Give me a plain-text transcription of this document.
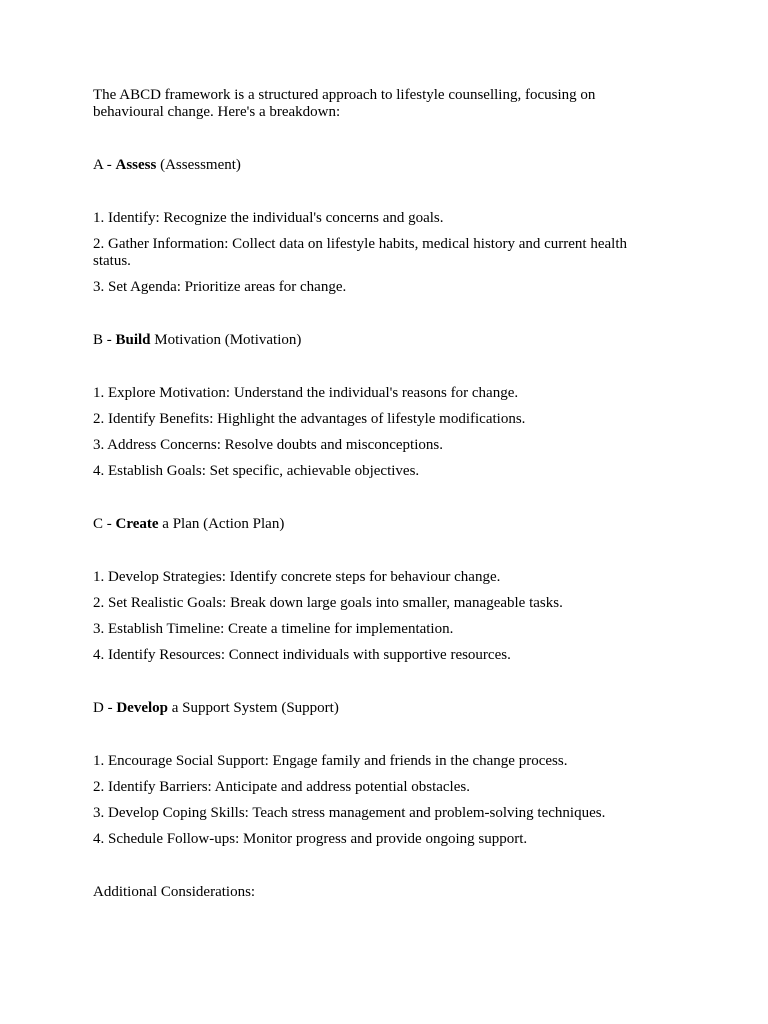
The ABCD framework is a structured approach to lifestyle counselling, focusing on behavioural change. Here's a breakdown:

A - Assess (Assessment)

1. Identify: Recognize the individual's concerns and goals.
2. Gather Information: Collect data on lifestyle habits, medical history and current health status.
3. Set Agenda: Prioritize areas for change.

B - Build Motivation (Motivation)

1. Explore Motivation: Understand the individual's reasons for change.
2. Identify Benefits: Highlight the advantages of lifestyle modifications.
3. Address Concerns: Resolve doubts and misconceptions.
4. Establish Goals: Set specific, achievable objectives.

C - Create a Plan (Action Plan)

1. Develop Strategies: Identify concrete steps for behaviour change.
2. Set Realistic Goals: Break down large goals into smaller, manageable tasks.
3. Establish Timeline: Create a timeline for implementation.
4. Identify Resources: Connect individuals with supportive resources.

D - Develop a Support System (Support)

1. Encourage Social Support: Engage family and friends in the change process.
2. Identify Barriers: Anticipate and address potential obstacles.
3. Develop Coping Skills: Teach stress management and problem-solving techniques.
4. Schedule Follow-ups: Monitor progress and provide ongoing support.

Additional Considerations:
